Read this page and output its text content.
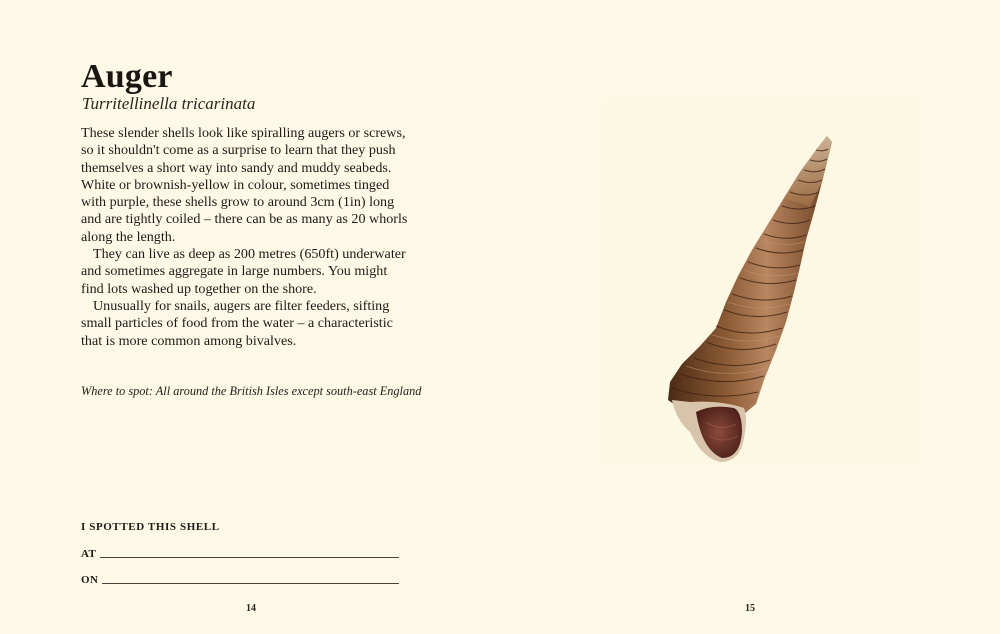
Auger
Turritellinella tricarinata

These slender shells look like spiralling augers or screws, so it shouldn't come as a surprise to learn that they push themselves a short way into sandy and muddy seabeds. White or brownish-yellow in colour, sometimes tinged with purple, these shells grow to around 3cm (1in) long and are tightly coiled – there can be as many as 20 whorls along the length.

They can live as deep as 200 metres (650ft) underwater and sometimes aggregate in large numbers. You might find lots washed up together on the shore.

Unusually for snails, augers are filter feeders, sifting small particles of food from the water – a characteristic that is more common among bivalves.

Where to spot: All around the British Isles except south-east England
I SPOTTED THIS SHELL
AT
ON
14	15
